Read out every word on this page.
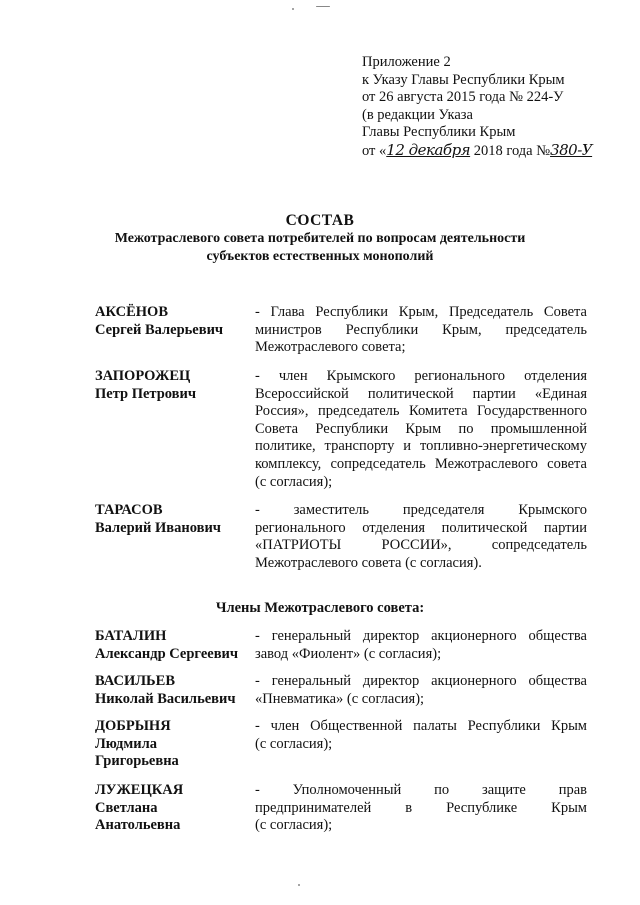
Приложение 2
к Указу Главы Республики Крым
от 26 августа 2015 года № 224-У
(в редакции Указа
Главы Республики Крым
от «12 декабря 2018 года №380-У
СОСТАВ
Межотраслевого совета потребителей по вопросам деятельности
субъектов естественных монополий
АКСЁНОВ
Сергей Валерьевич
- Глава Республики Крым, Председатель Совета
министров Республики Крым, председатель
Межотраслевого совета;
ЗАПОРОЖЕЦ
Петр Петрович
- член Крымского регионального отделения
Всероссийской политической партии «Единая
Россия», председатель Комитета Государственного
Совета Республики Крым по промышленной
политике, транспорту и топливно-энергетическому
комплексу, сопредседатель Межотраслевого совета
(с согласия);
ТАРАСОВ
Валерий Иванович
- заместитель председателя Крымского
регионального отделения политической партии
«ПАТРИОТЫ РОССИИ», сопредседатель
Межотраслевого совета (с согласия).
Члены Межотраслевого совета:
БАТАЛИН
Александр Сергеевич
- генеральный директор акционерного общества
завод «Фиолент» (с согласия);
ВАСИЛЬЕВ
Николай Васильевич
- генеральный директор акционерного общества
«Пневматика» (с согласия);
ДОБРЫНЯ
Людмила
Григорьевна
- член Общественной палаты Республики Крым
(с согласия);
ЛУЖЕЦКАЯ
Светлана
Анатольевна
- Уполномоченный по защите прав
предпринимателей в Республике Крым
(с согласия);
